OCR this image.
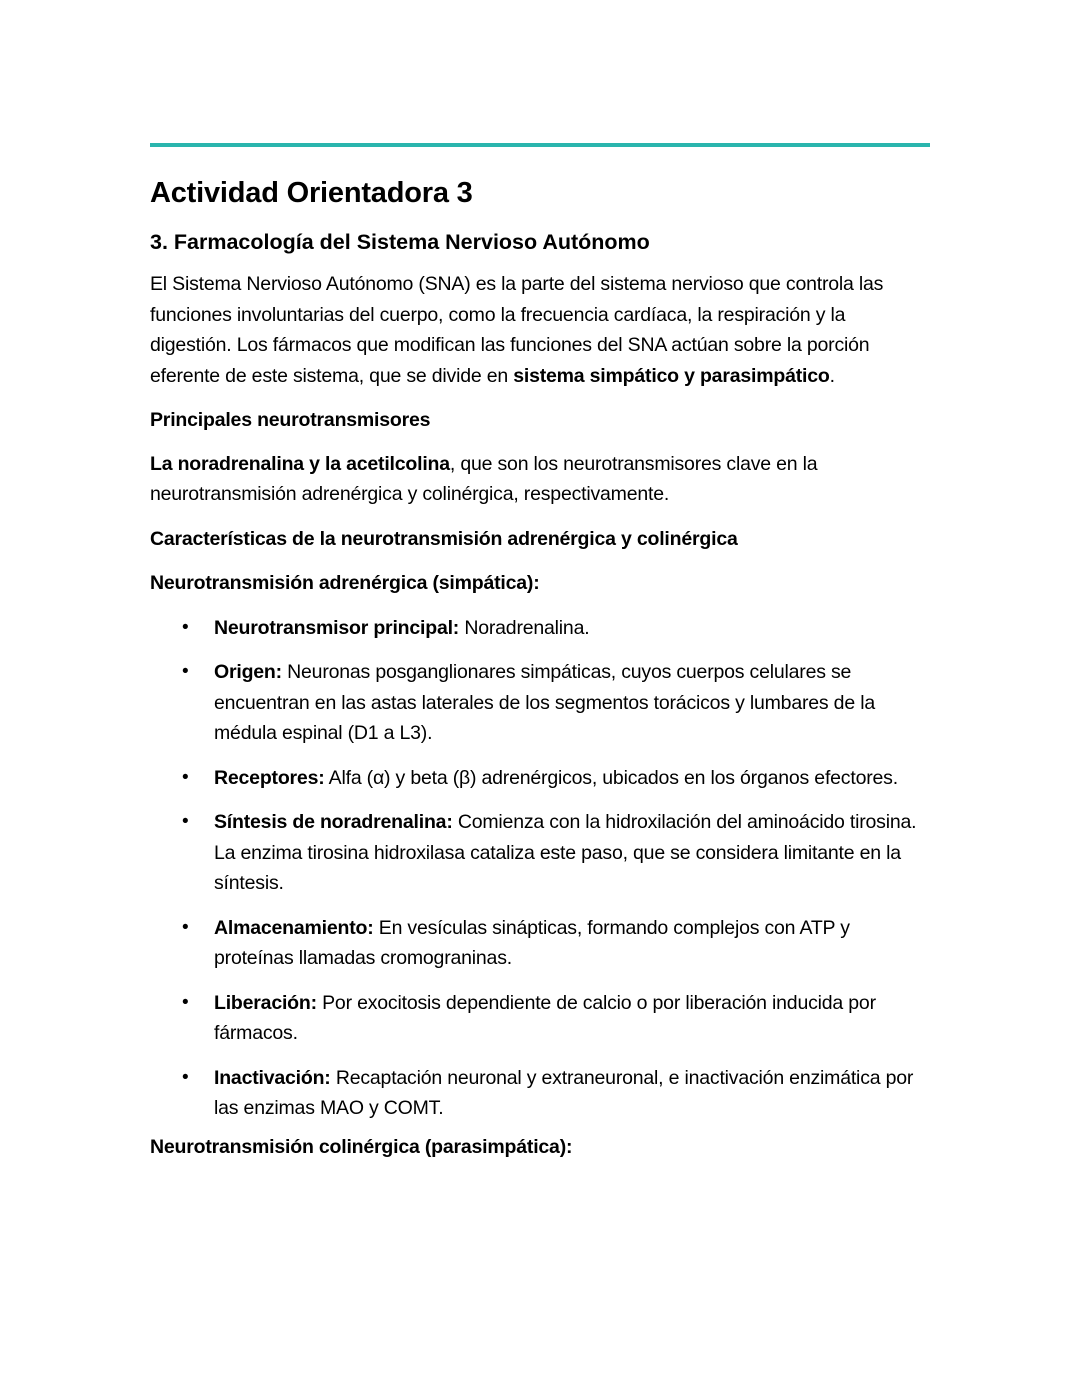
Actividad Orientadora 3
3. Farmacología del Sistema Nervioso Autónomo

El Sistema Nervioso Autónomo (SNA) es la parte del sistema nervioso que controla las funciones involuntarias del cuerpo, como la frecuencia cardíaca, la respiración y la digestión. Los fármacos que modifican las funciones del SNA actúan sobre la porción eferente de este sistema, que se divide en sistema simpático y parasimpático.

Principales neurotransmisores

La noradrenalina y la acetilcolina, que son los neurotransmisores clave en la neurotransmisión adrenérgica y colinérgica, respectivamente.

Características de la neurotransmisión adrenérgica y colinérgica
Neurotransmisión adrenérgica (simpática):
• Neurotransmisor principal: Noradrenalina.
• Origen: Neuronas posganglionares simpáticas, cuyos cuerpos celulares se encuentran en las astas laterales de los segmentos torácicos y lumbares de la médula espinal (D1 a L3).
• Receptores: Alfa (α) y beta (β) adrenérgicos, ubicados en los órganos efectores.
• Síntesis de noradrenalina: Comienza con la hidroxilación del aminoácido tirosina. La enzima tirosina hidroxilasa cataliza este paso, que se considera limitante en la síntesis.
• Almacenamiento: En vesículas sinápticas, formando complejos con ATP y proteínas llamadas cromograninas.
• Liberación: Por exocitosis dependiente de calcio o por liberación inducida por fármacos.
• Inactivación: Recaptación neuronal y extraneuronal, e inactivación enzimática por las enzimas MAO y COMT.
Neurotransmisión colinérgica (parasimpática):
